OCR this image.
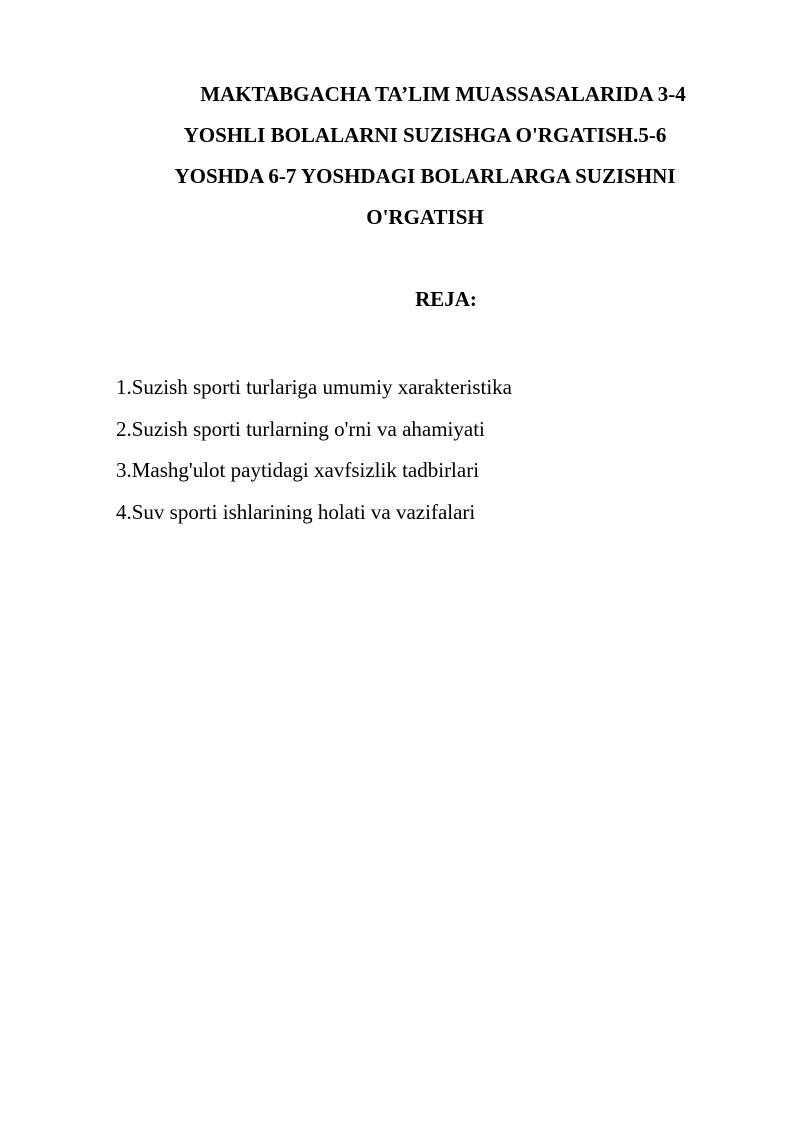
MAKTABGACHA TA’LIM MUASSASALARIDA 3-4
YOSHLI BOLALARNI SUZISHGA O'RGATISH.5-6
YOSHDA 6-7 YOSHDAGI BOLARLARGA SUZISHNI
O'RGATISH
REJA:
1.Suzish sporti turlariga umumiy xarakteristika
2.Suzish sporti turlarning o'rni va ahamiyati
3.Mashg'ulot paytidagi xavfsizlik tadbirlari
4.Suv sporti ishlarining holati va vazifalari
